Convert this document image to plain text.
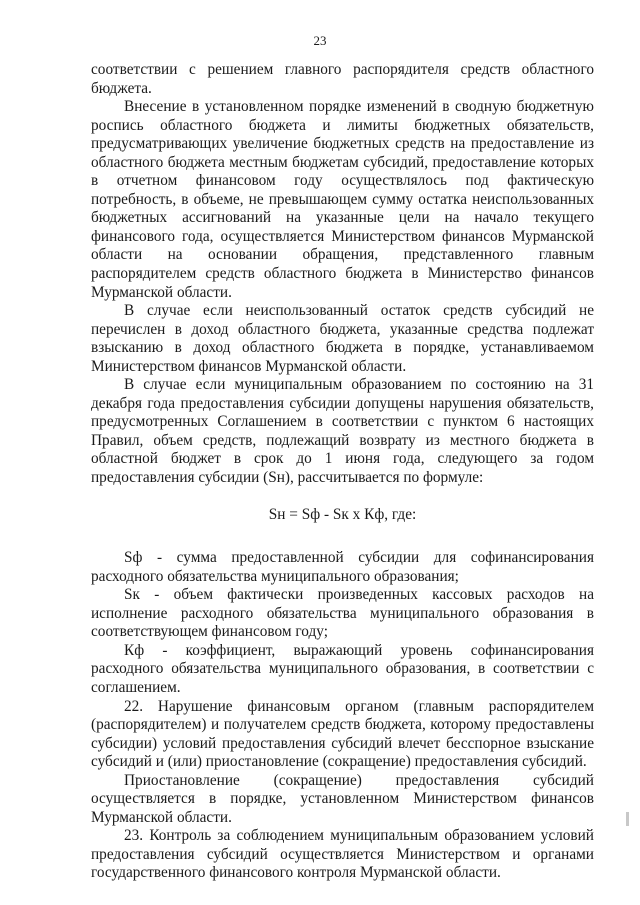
23

соответствии с решением главного распорядителя средств областного бюджета.

Внесение в установленном порядке изменений в сводную бюджетную роспись областного бюджета и лимиты бюджетных обязательств, предусматривающих увеличение бюджетных средств на предоставление из областного бюджета местным бюджетам субсидий, предоставление которых в отчетном финансовом году осуществлялось под фактическую потребность, в объеме, не превышающем сумму остатка неиспользованных бюджетных ассигнований на указанные цели на начало текущего финансового года, осуществляется Министерством финансов Мурманской области на основании обращения, представленного главным распорядителем средств областного бюджета в Министерство финансов Мурманской области.

В случае если неиспользованный остаток средств субсидий не перечислен в доход областного бюджета, указанные средства подлежат взысканию в доход областного бюджета в порядке, устанавливаемом Министерством финансов Мурманской области.

В случае если муниципальным образованием по состоянию на 31 декабря года предоставления субсидии допущены нарушения обязательств, предусмотренных Соглашением в соответствии с пунктом 6 настоящих Правил, объем средств, подлежащий возврату из местного бюджета в областной бюджет в срок до 1 июня года, следующего за годом предоставления субсидии (Sн), рассчитывается по формуле:

Sн = Sф - Sк х Кф, где:

Sф - сумма предоставленной субсидии для софинансирования расходного обязательства муниципального образования;

Sк - объем фактически произведенных кассовых расходов на исполнение расходного обязательства муниципального образования в соответствующем финансовом году;

Кф - коэффициент, выражающий уровень софинансирования расходного обязательства муниципального образования, в соответствии с соглашением.

22. Нарушение финансовым органом (главным распорядителем (распорядителем) и получателем средств бюджета, которому предоставлены субсидии) условий предоставления субсидий влечет бесспорное взыскание субсидий и (или) приостановление (сокращение) предоставления субсидий.

Приостановление (сокращение) предоставления субсидий осуществляется в порядке, установленном Министерством финансов Мурманской области.

23. Контроль за соблюдением муниципальным образованием условий предоставления субсидий осуществляется Министерством и органами государственного финансового контроля Мурманской области.
